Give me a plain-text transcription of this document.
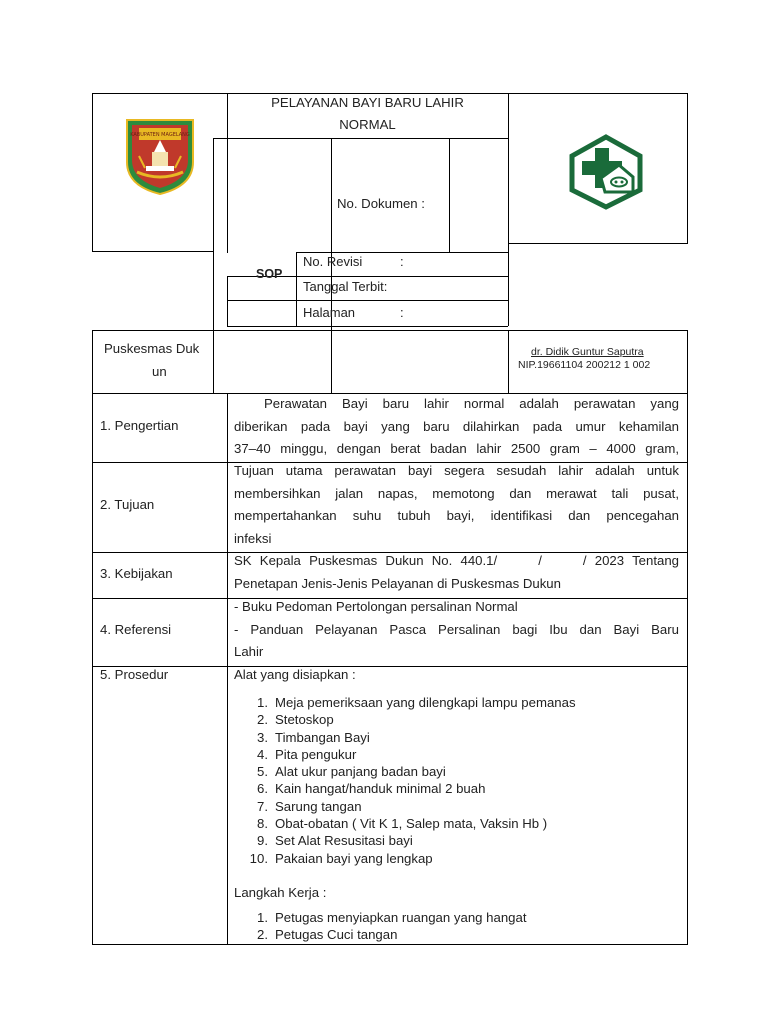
KABUPATEN MAGELANG
PELAYANAN BAYI BARU LAHIR
NORMAL
No. Dokumen :
SOP
No. Revisi	:
Tanggal Terbit:
Halaman	:
Puskesmas Duk
un
dr. Didik Guntur Saputra
NIP.19661104 200212 1 002
1. Pengertian
Perawatan Bayi baru lahir normal adalah perawatan yang
diberikan pada bayi yang baru dilahirkan pada umur kehamilan
37–40 minggu, dengan berat badan lahir 2500 gram – 4000 gram,
2. Tujuan
Tujuan utama perawatan bayi segera sesudah lahir adalah untuk
membersihkan jalan napas, memotong dan merawat tali pusat,
mempertahankan suhu tubuh bayi, identifikasi dan pencegahan
infeksi
3. Kebijakan
SK Kepala Puskesmas Dukun No. 440.1/     /     / 2023 Tentang
Penetapan Jenis-Jenis Pelayanan di Puskesmas Dukun
4. Referensi
- Buku Pedoman Pertolongan persalinan Normal
- Panduan Pelayanan Pasca Persalinan bagi Ibu dan Bayi Baru
Lahir
5. Prosedur	Alat yang disiapkan :
1. Meja pemeriksaan yang dilengkapi lampu pemanas
2. Stetoskop
3. Timbangan Bayi
4. Pita pengukur
5. Alat ukur panjang badan bayi
6. Kain hangat/handuk minimal 2 buah
7. Sarung tangan
8. Obat-obatan ( Vit K 1, Salep mata, Vaksin Hb )
9. Set Alat Resusitasi bayi
10. Pakaian bayi yang lengkap
Langkah Kerja :
1. Petugas menyiapkan ruangan yang hangat
2. Petugas Cuci tangan
